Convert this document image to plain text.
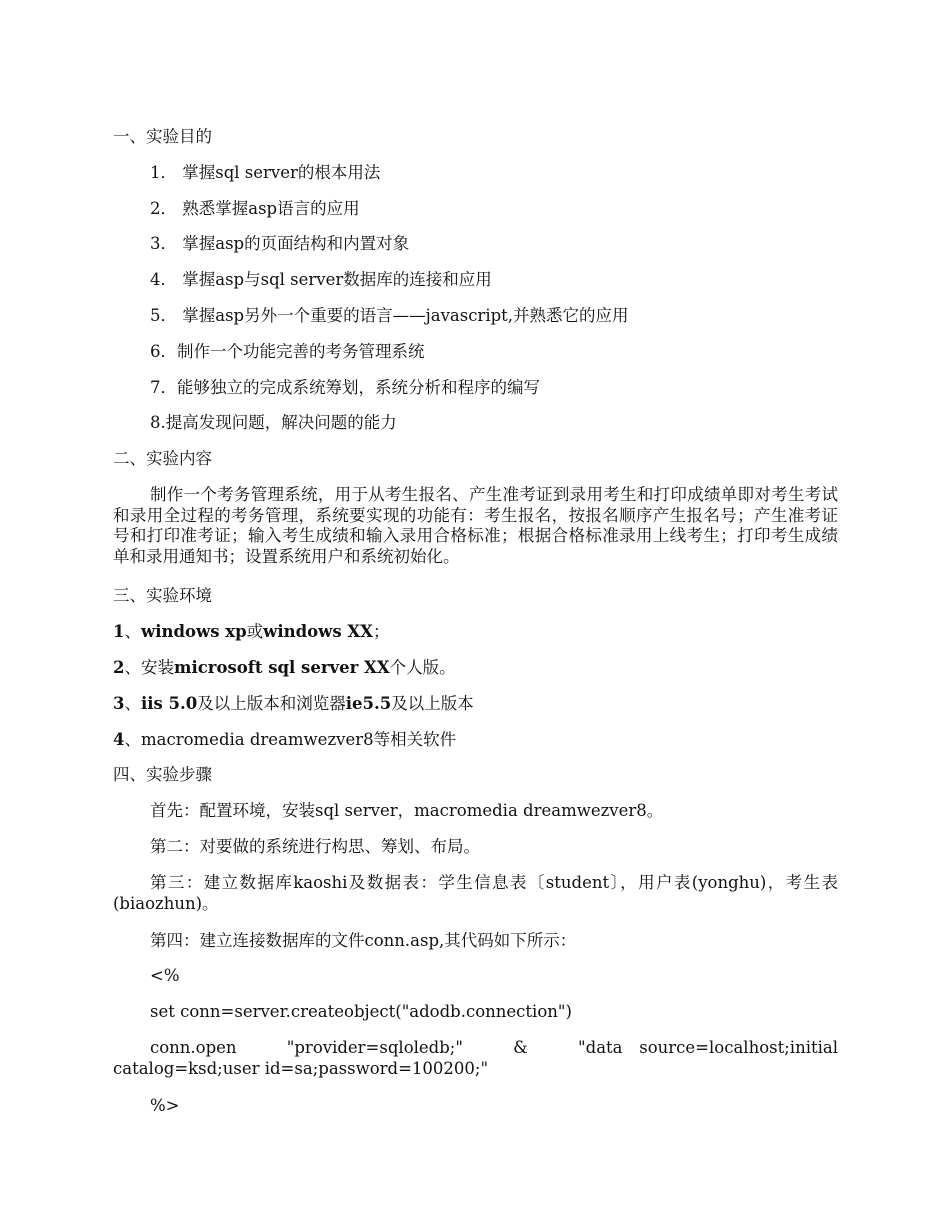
一、实验目的
1． 掌握sql server的根本用法
2． 熟悉掌握asp语言的应用
3． 掌握asp的页面结构和内置对象
4． 掌握asp与sql server数据库的连接和应用
5． 掌握asp另外一个重要的语言——javascript,并熟悉它的应用
6．制作一个功能完善的考务管理系统
7．能够独立的完成系统筹划，系统分析和程序的编写
8.提高发现问题，解决问题的能力
二、实验内容
制作一个考务管理系统，用于从考生报名、产生准考证到录用考生和打印成绩单即对考生考试和录用全过程的考务管理，系统要实现的功能有：考生报名，按报名顺序产生报名号；产生准考证号和打印准考证；输入考生成绩和输入录用合格标准；根据合格标准录用上线考生；打印考生成绩单和录用通知书；设置系统用户和系统初始化。
三、实验环境
1、windows xp或windows XX；
2、安装microsoft sql server XX个人版。
3、iis 5.0及以上版本和浏览器ie5.5及以上版本
4、macromedia dreamwezver8等相关软件
四、实验步骤
首先：配置环境，安装sql server，macromedia dreamwezver8。
第二：对要做的系统进行构思、筹划、布局。
第三：建立数据库kaoshi及数据表：学生信息表〔student〕，用户表(yonghu)，考生表(biaozhun)。
第四：建立连接数据库的文件conn.asp,其代码如下所示：
<%
set conn=server.createobject("adodb.connection")
conn.open   "provider=sqloledb;"   &   "data source=localhost;initial catalog=ksd;user id=sa;password=100200;"
%>
